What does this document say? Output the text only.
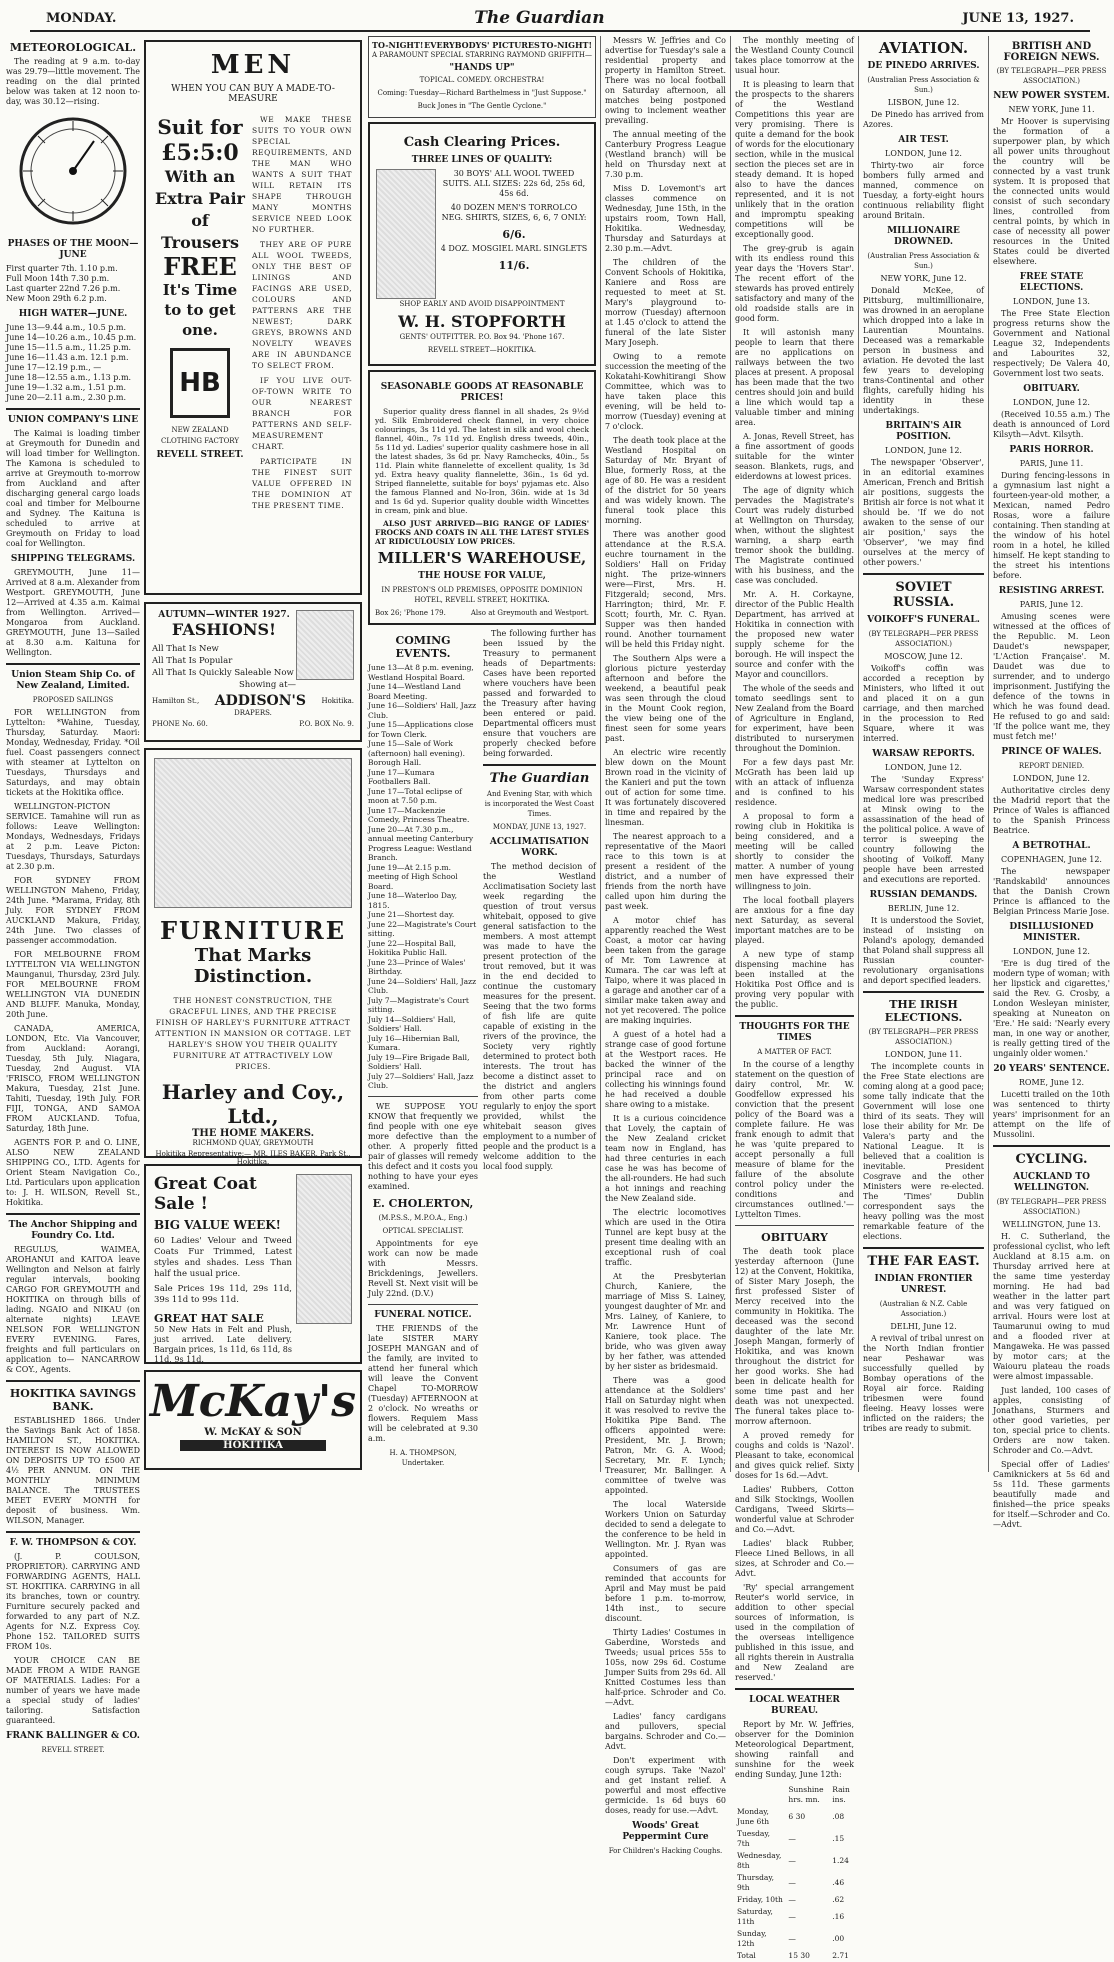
MONDAY.	The Guardian	JUNE 13, 1927.
METEOROLOGICAL.

The reading at 9 a.m. to-day was 29.79—little movement. The reading on the dial printed below was taken at 12 noon to-day, was 30.12—rising.

PHASES OF THE MOON—JUNE
First quarter 7th. 1.10 p.m.
Full Moon 14th 7.30 p.m.
Last quarter 22nd 7.26 p.m.
New Moon 29th 6.2 p.m.
HIGH WATER—JUNE.
June 13—9.44 a.m., 10.5 p.m.
June 14—10.26 a.m., 10.45 p.m.
June 15—11.5 a.m., 11.25 p.m.
June 16—11.43 a.m. 12.1 p.m.
June 17—12.19 p.m., —
June 18—12.55 a.m., 1.13 p.m.
June 19—1.32 a.m., 1.51 p.m.
June 20—2.11 a.m., 2.30 p.m.
UNION COMPANY'S LINE

The Kaimai is loading timber at Greymouth for Dunedin and will load timber for Wellington. The Kamona is scheduled to arrive at Greymouth to-morrow from Auckland and after discharging general cargo loads coal and timber for Melbourne and Sydney. The Kaituna is scheduled to arrive at Greymouth on Friday to load coal for Wellington.

SHIPPING TELEGRAMS.

GREYMOUTH, June 11—Arrived at 8 a.m. Alexander from Westport. GREYMOUTH, June 12—Arrived at 4.35 a.m. Kaimai from Wellington. Arrived—Mongaroa from Auckland. GREYMOUTH, June 13—Sailed at 8.30 a.m. Kaituna for Wellington.

Union Steam Ship Co. of New Zealand, Limited.
PROPOSED SAILINGS

FOR WELLINGTON from Lyttelton: *Wahine, Tuesday, Thursday, Saturday. Maori: Monday, Wednesday, Friday. *Oil fuel. Coast passengers connect with steamer at Lyttelton on Tuesdays, Thursdays and Saturdays, and may obtain tickets at the Hokitika office.

WELLINGTON-PICTON SERVICE. Tamahine will run as follows: Leave Wellington: Mondays, Wednesdays, Fridays at 2 p.m. Leave Picton: Tuesdays, Thursdays, Saturdays at 2.30 p.m.

FOR SYDNEY FROM WELLINGTON Maheno, Friday, 24th June. *Marama, Friday, 8th July. FOR SYDNEY FROM AUCKLAND Makura, Friday, 24th June. Two classes of passenger accommodation.

FOR MELBOURNE FROM LYTTELTON VIA WELLINGTON Maunganui, Thursday, 23rd July. FOR MELBOURNE FROM WELLINGTON VIA DUNEDIN AND BLUFF. Manuka, Monday, 20th June.

CANADA, AMERICA, LONDON, Etc. Via Vancouver, from Auckland: Aorangi, Tuesday, 5th July. Niagara, Tuesday, 2nd August. VIA 'FRISCO, FROM WELLINGTON Makura, Tuesday, 21st June. Tahiti, Tuesday, 19th July. FOR FIJI, TONGA, AND SAMOA FROM AUCKLAND. Tofua, Saturday, 18th June.

AGENTS FOR P. and O. LINE, ALSO NEW ZEALAND SHIPPING CO., LTD. Agents for Orient Steam Navigation Co., Ltd. Particulars upon application to: J. H. WILSON, Revell St., Hokitika.

The Anchor Shipping and Foundry Co. Ltd.

REGULUS, WAIMEA, AROHANUI and KAITOA leave Wellington and Nelson at fairly regular intervals, booking CARGO FOR GREYMOUTH and HOKITIKA on through bills of lading. NGAIO and NIKAU (on alternate nights) LEAVE NELSON FOR WELLINGTON EVERY EVENING. Fares, freights and full particulars on application to— NANCARROW & COY., Agents.

HOKITIKA SAVINGS BANK.

ESTABLISHED 1866. Under the Savings Bank Act of 1858. HAMILTON ST., HOKITIKA. INTEREST IS NOW ALLOWED ON DEPOSITS UP TO £500 AT 4½ PER ANNUM. ON THE MONTHLY MINIMUM BALANCE. The TRUSTEES MEET EVERY MONTH for deposit of business. Wm. WILSON, Manager.

F. W. THOMPSON & COY.

(J. P. COULSON, PROPRIETOR). CARRYING AND FORWARDING AGENTS, HALL ST. HOKITIKA. CARRYING in all its branches, town or country. Furniture securely packed and forwarded to any part of N.Z. Agents for N.Z. Express Coy. Phone 152. TAILORED SUITS FROM 10s.

YOUR CHOICE CAN BE MADE FROM A WIDE RANGE OF MATERIALS. Ladies: For a number of years we have made a special study of ladies' tailoring. Satisfaction guaranteed.

FRANK BALLINGER & CO.
REVELL STREET.
MEN
WHEN YOU CAN BUY A MADE-TO-MEASURE
Suit for
£5:5:0
With an Extra Pair of Trousers
FREE
It's Time to to get one.
HB
NEW ZEALAND
CLOTHING FACTORY
REVELL STREET.

WE MAKE THESE SUITS TO YOUR OWN SPECIAL REQUIREMENTS, AND THE MAN WHO WANTS A SUIT THAT WILL RETAIN ITS SHAPE THROUGH MANY MONTHS SERVICE NEED LOOK NO FURTHER.

THEY ARE OF PURE ALL WOOL TWEEDS, ONLY THE BEST OF LININGS AND FACINGS ARE USED, COLOURS AND PATTERNS ARE THE NEWEST; DARK GREYS, BROWNS AND NOVELTY WEAVES ARE IN ABUNDANCE TO SELECT FROM.

IF YOU LIVE OUT-OF-TOWN WRITE TO OUR NEAREST BRANCH FOR PATTERNS AND SELF-MEASUREMENT CHART.

PARTICIPATE IN THE FINEST SUIT VALUE OFFERED IN THE DOMINION AT THE PRESENT TIME.

AUTUMN—WINTER 1927.
FASHIONS!
All That Is New
All That Is Popular
All That Is Quickly Saleable Now
Showing at—
Hamilton St., ADDISON'S Hokitika.
DRAPERS.
PHONE No. 60.	P.O. BOX No. 9.
FURNITURE
That Marks Distinction.

THE HONEST CONSTRUCTION, THE GRACEFUL LINES, AND THE PRECISE FINISH OF HARLEY'S FURNITURE ATTRACT ATTENTION IN MANSION OR COTTAGE. LET HARLEY'S SHOW YOU THEIR QUALITY FURNITURE AT ATTRACTIVELY LOW PRICES.

Harley and Coy., Ltd.,
THE HOME MAKERS.
RICHMOND QUAY, GREYMOUTH
Hokitika Representative:— MR. ILES BAKER, Park St., Hokitika.
Great Coat Sale !
BIG VALUE WEEK!

60 Ladies' Velour and Tweed Coats Fur Trimmed, Latest styles and shades. Less Than half the usual price.

Sale Prices 19s 11d, 29s 11d, 39s 11d to 99s 11d.

GREAT HAT SALE

50 New Hats in Felt and Plush, just arrived. Late delivery. Bargain prices, 1s 11d, 6s 11d, 8s 11d, 9s 11d.

McKay's
W. McKAY & SON
HOKITIKA
TO-NIGHT! EVERYBODYS' PICTURES TO-NIGHT!
A PARAMOUNT SPECIAL STARRING RAYMOND GRIFFITH—
"HANDS UP"
TOPICAL. COMEDY. ORCHESTRA!
Coming: Tuesday—Richard Barthelmess in "Just Suppose."
Buck Jones in "The Gentle Cyclone."
Cash Clearing Prices.
THREE LINES OF QUALITY:

30 BOYS' ALL WOOL TWEED SUITS. ALL SIZES: 22s 6d, 25s 6d, 45s 6d.

40 DOZEN MEN'S TORROLCO NEG. SHIRTS, SIZES, 6, 6, 7 ONLY:

6/6.

4 DOZ. MOSGIEL MARL SINGLETS

11/6.
SHOP EARLY AND AVOID DISAPPOINTMENT
W. H. STOPFORTH
GENTS' OUTFITTER. P.O. Box 94. 'Phone 167.
REVELL STREET—HOKITIKA.
SEASONABLE GOODS AT REASONABLE PRICES!

Superior quality dress flannel in all shades, 2s 9½d yd. Silk Embroidered check flannel, in very choice colourings, 3s 11d yd. The latest in silk and wool check flannel, 40in., 7s 11d yd. English dress tweeds, 40in., 5s 11d yd. Ladies' superior quality cashmere hose in all the latest shades, 3s 6d pr. Navy Ramchecks, 40in., 5s 11d. Plain white flannelette of excellent quality, 1s 3d yd. Extra heavy quality flannelette, 36in., 1s 6d yd. Striped flannelette, suitable for boys' pyjamas etc. Also the famous Flanned and No-Iron, 36in. wide at 1s 3d and 1s 6d yd. Superior quality double width Wincettes in cream, pink and blue.

ALSO JUST ARRIVED—BIG RANGE OF LADIES' FROCKS AND COATS IN ALL THE LATEST STYLES AT RIDICULOUSLY LOW PRICES.

MILLER'S WAREHOUSE,
THE HOUSE FOR VALUE,
IN PRESTON'S OLD PREMISES, OPPOSITE DOMINION HOTEL, REVELL STREET, HOKITIKA.
Box 26; 'Phone 179.	Also at Greymouth and Westport.
COMING EVENTS.
June 13—At 8 p.m. evening, Westland Hospital Board.
June 14—Westland Land Board Meeting.
June 16—Soldiers' Hall, Jazz Club.
June 15—Applications close for Town Clerk.
June 15—Sale of Work (afternoon) hall evening). Borough Hall.
June 17—Kumara Footballers Ball.
June 17—Total eclipse of moon at 7.50 p.m.
June 17—Mackenzie Comedy, Princess Theatre.
June 20—At 7.30 p.m., annual meeting Canterbury Progress League: Westland Branch.
June 19—At 2.15 p.m. meeting of High School Board.
June 18—Waterloo Day, 1815.
June 21—Shortest day.
June 22—Magistrate's Court sitting.
June 22—Hospital Ball, Hokitika Public Hall.
June 23—Prince of Wales' Birthday.
June 24—Soldiers' Hall, Jazz Club.
July 7—Magistrate's Court sitting.
July 14—Soldiers' Hall, Soldiers' Hall.
July 16—Hibernian Ball, Kumara.
July 19—Fire Brigade Ball, Soldiers' Hall.
July 27—Soldiers' Hall, Jazz Club.

WE SUPPOSE YOU KNOW that frequently we find people with one eye more defective than the other. A properly fitted pair of glasses will remedy this defect and it costs you nothing to have your eyes examined.

E. CHOLERTON,
(M.P.S.S., M.P.O.A., Eng.)
OPTICAL SPECIALIST.

Appointments for eye work can now be made with Messrs. Brickdenings, Jewellers. Revell St. Next visit will be July 22nd. (D.V.)

FUNERAL NOTICE.

THE FRIENDS of the late SISTER MARY JOSEPH MANGAN and of the family, are invited to attend her funeral which will leave the Convent Chapel TO-MORROW (Tuesday) AFTERNOON at 2 o'clock. No wreaths or flowers. Requiem Mass will be celebrated at 9.30 a.m.

H. A. THOMPSON, Undertaker.

The following further has been issued by the Treasury to permanent heads of Departments: Cases have been reported where vouchers have been passed and forwarded to the Treasury after having been entered or paid. Departmental officers must ensure that vouchers are properly checked before being forwarded.

The Guardian
And Evening Star, with which is incorporated the West Coast Times.
MONDAY, JUNE 13, 1927.
ACCLIMATISATION WORK.

The method decision of the Westland Acclimatisation Society last week regarding the question of trout versus whitebait, opposed to give general satisfaction to the members. A most attempt was made to have the present protection of the trout removed, but it was in the end decided to continue the customary measures for the present. Seeing that the two forms of fish life are quite capable of existing in the rivers of the province, the Society very rightly determined to protect both interests. The trout has become a distinct asset to the district and anglers from other parts come regularly to enjoy the sport provided, whilst the whitebait season gives employment to a number of people and the product is a welcome addition to the local food supply.

Messrs W. Jeffries and Co advertise for Tuesday's sale a residential property and property in Hamilton Street. There was no local football on Saturday afternoon, all matches being postponed owing to inclement weather prevailing.

The annual meeting of the Canterbury Progress League (Westland branch) will be held on Thursday next at 7.30 p.m.

Miss D. Lovemont's art classes commence on Wednesday, June 15th, in the upstairs room, Town Hall, Hokitika. Wednesday, Thursday and Saturdays at 2.30 p.m.—Advt.

The children of the Convent Schools of Hokitika, Kaniere and Ross are requested to meet at St. Mary's playground to-morrow (Tuesday) afternoon at 1.45 o'clock to attend the funeral of the late Sister Mary Joseph.

Owing to a remote succession the meeting of the Kokatahi-Kowhitirangi Show Committee, which was to have taken place this evening, will be held to-morrow (Tuesday) evening at 7 o'clock.

The death took place at the Westland Hospital on Saturday of Mr. Bryant of Blue, formerly Ross, at the age of 80. He was a resident of the district for 50 years and was widely known. The funeral took place this morning.

There was another good attendance at the R.S.A. euchre tournament in the Soldiers' Hall on Friday night. The prize-winners were—First, Mrs. H. Fitzgerald; second, Mrs. Harrington; third, Mr. F. Scott; fourth, Mr. C. Ryan. Supper was then handed round. Another tournament will be held this Friday night.

The Southern Alps were a glorious picture yesterday afternoon and before the weekend, a beautiful peak was seen through the cloud in the Mount Cook region, the view being one of the finest seen for some years past.

An electric wire recently blew down on the Mount Brown road in the vicinity of the Kanieri and put the town out of action for some time. It was fortunately discovered in time and repaired by the linesman.

The nearest approach to a representative of the Maori race to this town is at present a resident of the district, and a number of friends from the north have called upon him during the past week.

A motor chief has apparently reached the West Coast, a motor car having been taken from the garage of Mr. Tom Lawrence at Kumara. The car was left at Taipo, where it was placed in a garage and another car of a similar make taken away and not yet recovered. The police are making inquiries.

A guest of a hotel had a strange case of good fortune at the Westport races. He backed the winner of the principal race and on collecting his winnings found he had received a double share owing to a mistake.

It is a curious coincidence that Lovely, the captain of the New Zealand cricket team now in England, has had three centuries in each case he was has become of the all-rounders. He had such a hot innings and reaching the New Zealand side.

The electric locomotives which are used in the Otira Tunnel are kept busy at the present time dealing with an exceptional rush of coal traffic.

At the Presbyterian Church, Kaniere, the marriage of Miss S. Lainey, youngest daughter of Mr. and Mrs. Lainey, of Kaniere, to Mr. Lawrence Hunt of Kaniere, took place. The bride, who was given away by her father, was attended by her sister as bridesmaid.

There was a good attendance at the Soldiers' Hall on Saturday night when it was resolved to revive the Hokitika Pipe Band. The officers appointed were: President, Mr. J. Brown; Patron, Mr. G. A. Wood; Secretary, Mr. F. Lynch; Treasurer, Mr. Ballinger. A committee of twelve was appointed.

The local Waterside Workers Union on Saturday decided to send a delegate to the conference to be held in Wellington. Mr. J. Ryan was appointed.

Consumers of gas are reminded that accounts for April and May must be paid before 1 p.m. to-morrow, 14th inst., to secure discount.

Thirty Ladies' Costumes in Gaberdine, Worsteds and Tweeds; usual prices 55s to 105s, now 29s 6d. Costume Jumper Suits from 29s 6d. All Knitted Costumes less than half-price. Schroder and Co.—Advt.

Ladies' fancy cardigans and pullovers, special bargains. Schroder and Co.—Advt.

Don't experiment with cough syrups. Take 'Nazol' and get instant relief. A powerful and most effective germicide. 1s 6d buys 60 doses, ready for use.—Advt.

Woods' Great Peppermint Cure
For Children's Hacking Coughs.

The monthly meeting of the Westland County Council takes place tomorrow at the usual hour.

It is pleasing to learn that the prospects to the sharers of the Westland Competitions this year are very promising. There is quite a demand for the book of words for the elocutionary section, while in the musical section the pieces set are in steady demand. It is hoped also to have the dances represented, and it is not unlikely that in the oration and impromptu speaking competitions will be exceptionally good.

The grey-grub is again with its endless round this year days the 'Hovers Star'. The recent effort of the stewards has proved entirely satisfactory and many of the old roadside stalls are in good form.

It will astonish many people to learn that there are no applications on railways between the two places at present. A proposal has been made that the two centres should join and build a line which would tap a valuable timber and mining area.

A. Jonas, Revell Street, has a fine assortment of goods suitable for the winter season. Blankets, rugs, and eiderdowns at lowest prices.

The age of dignity which pervades the Magistrate's Court was rudely disturbed at Wellington on Thursday, when, without the slightest warning, a sharp earth tremor shook the building. The Magistrate continued with his business, and the case was concluded.

Mr. A. H. Corkayne, director of the Public Health Department, has arrived at Hokitika in connection with the proposed new water supply scheme for the borough. He will inspect the source and confer with the Mayor and councillors.

The whole of the seeds and tomato seedlings sent to New Zealand from the Board of Agriculture in England, for experiment, have been distributed to nurserymen throughout the Dominion.

For a few days past Mr. McGrath has been laid up with an attack of influenza and is confined to his residence.

A proposal to form a rowing club in Hokitika is being considered, and a meeting will be called shortly to consider the matter. A number of young men have expressed their willingness to join.

The local football players are anxious for a fine day next Saturday, as several important matches are to be played.

A new type of stamp dispensing machine has been installed at the Hokitika Post Office and is proving very popular with the public.

THOUGHTS FOR THE TIMES
A MATTER OF FACT.

In the course of a lengthy statement on the question of dairy control, Mr. W. Goodfellow expressed his conviction that the present policy of the Board was a complete failure. He was frank enough to admit that he was 'quite prepared to accept personally a full measure of blame for the failure of the absolute control policy under the conditions and circumstances outlined.'—Lyttelton Times.

OBITUARY

The death took place yesterday afternoon (June 12) at the Convent, Hokitika, of Sister Mary Joseph, the first professed Sister of Mercy received into the community in Hokitika. The deceased was the second daughter of the late Mr. Joseph Mangan, formerly of Hokitika, and was known throughout the district for her good works. She had been in delicate health for some time past and her death was not unexpected. The funeral takes place to-morrow afternoon.

A proved remedy for coughs and colds is 'Nazol'. Pleasant to take, economical and gives quick relief. Sixty doses for 1s 6d.—Advt.

Ladies' Rubbers, Cotton and Silk Stockings, Woollen Cardigans, Tweed Skirts—wonderful value at Schroder and Co.—Advt.

Ladies' black Rubber, Fleece Lined Bellows, in all sizes, at Schroder and Co.—Advt.

'Ry' special arrangement Reuter's world service, in addition to other special sources of information, is used in the compilation of the overseas intelligence published in this issue, and all rights therein in Australia and New Zealand are reserved.'

LOCAL WEATHER BUREAU.

Report by Mr. W. Jeffries, observer for the Dominion Meteorological Department, showing rainfall and sunshine for the week ending Sunday, June 12th:

	Sunshine hrs. mn.	Rain ins.
Monday, June 6th	6 30	.08
Tuesday, 7th	—	.15
Wednesday, 8th	—	1.24
Thursday, 9th	—	.46
Friday, 10th	—	.62
Saturday, 11th	—	.16
Sunday, 12th	—	.00
Total	15 30	2.71
AVIATION.
DE PINEDO ARRIVES.
(Australian Press Association & Sun.)
LISBON, June 12.

De Pinedo has arrived from Azores.

AIR TEST.
LONDON, June 12.

Thirty-two air force bombers fully armed and manned, commence on Tuesday, a forty-eight hours continuous reliability flight around Britain.

MILLIONAIRE DROWNED.
(Australian Press Association & Sun.)
NEW YORK, June 12.

Donald McKee, of Pittsburg, multimillionaire, was drowned in an aeroplane which dropped into a lake in Laurentian Mountains. Deceased was a remarkable person in business and aviation. He devoted the last few years to developing trans-Continental and other flights, carefully hiding his identity in these undertakings.

BRITAIN'S AIR POSITION.
LONDON, June 12.

The newspaper 'Observer', in an editorial examines American, French and British air positions, suggests the British air force is not what it should be. 'If we do not awaken to the sense of our air position,' says the 'Observer', 'we may find ourselves at the mercy of other powers.'

SOVIET RUSSIA.
VOIKOFF'S FUNERAL.
(BY TELEGRAPH—PER PRESS ASSOCIATION.)
MOSCOW, June 12.

Voikoff's coffin was accorded a reception by Ministers, who lifted it out and placed it on a gun carriage, and then marched in the procession to Red Square, where it was interred.

WARSAW REPORTS.
LONDON, June 12.

The 'Sunday Express' Warsaw correspondent states medical lore was prescribed at Minsk owing to the assassination of the head of the political police. A wave of terror is sweeping the country following the shooting of Voikoff. Many people have been arrested and executions are reported.

RUSSIAN DEMANDS.
BERLIN, June 12.

It is understood the Soviet, instead of insisting on Poland's apology, demanded that Poland shall suppress all Russian counter-revolutionary organisations and deport specified leaders.

THE IRISH ELECTIONS.
(BY TELEGRAPH—PER PRESS ASSOCIATION.)
LONDON, June 11.

The incomplete counts in the Free State elections are coming along at a good pace; some tally indicate that the Government will lose one third of its seats. They will lose their ability for Mr. De Valera's party and the National League. It is believed that a coalition is inevitable. President Cosgrave and the other Ministers were re-elected. The 'Times' Dublin correspondent says the heavy polling was the most remarkable feature of the elections.

THE FAR EAST.
INDIAN FRONTIER UNREST.
(Australian & N.Z. Cable Association.)
DELHI, June 12.

A revival of tribal unrest on the North Indian frontier near Peshawar was successfully quelled by Bombay operations of the Royal air force. Raiding tribesmen were found fleeing. Heavy losses were inflicted on the raiders; the tribes are ready to submit.

BRITISH AND FOREIGN NEWS.
(BY TELEGRAPH—PER PRESS ASSOCIATION.)
NEW POWER SYSTEM.
NEW YORK, June 11.

Mr Hoover is supervising the formation of a superpower plan, by which all power units throughout the country will be connected by a vast trunk system. It is proposed that the connected units would consist of such secondary lines, controlled from central points, by which in case of necessity all power resources in the United States could be diverted elsewhere.

FREE STATE ELECTIONS.
LONDON, June 13.

The Free State Election progress returns show the Government and National League 32, Independents and Labourites 32, respectively; De Valera 40, Government lost two seats.

OBITUARY.
LONDON, June 12.

(Received 10.55 a.m.) The death is announced of Lord Kilsyth—Advt. Kilsyth.

PARIS HORROR.
PARIS, June 11.

During fencing-lessons in a gymnasium last night a fourteen-year-old mother, a Mexican, named Pedro Rosas, wore a failure containing. Then standing at the window of his hotel room in a hotel, he killed himself. He kept standing to the street his intentions before.

RESISTING ARREST.
PARIS, June 12.

Amusing scenes were witnessed at the offices of the Republic. M. Leon Daudet's newspaper, 'L'Action Française'. M. Daudet was due to surrender, and to undergo imprisonment. Justifying the defence of the towns in which he was found dead. He refused to go and said: 'If the police want me, they must fetch me!'

PRINCE OF WALES.
REPORT DENIED.
LONDON, June 12.

Authoritative circles deny the Madrid report that the Prince of Wales is affianced to the Spanish Princess Beatrice.

A BETROTHAL.
COPENHAGEN, June 12.

The newspaper 'Randskabild' announces that the Danish Crown Prince is affianced to the Belgian Princess Marie Jose.

DISILLUSIONED MINISTER.
LONDON, June 12.

'Ere is dug tired of the modern type of woman; with her lipstick and cigarettes,' said the Rev. G. Crosby, a London Wesleyan minister, speaking at Nuneaton on 'Ere.' He said: 'Nearly every man, in one way or another, is really getting tired of the ungainly older women.'

20 YEARS' SENTENCE.
ROME, June 12.

Lucetti trailed on the 10th was sentenced to thirty years' imprisonment for an attempt on the life of Mussolini.

CYCLING.
AUCKLAND TO WELLINGTON.
(BY TELEGRAPH—PER PRESS ASSOCIATION.)
WELLINGTON, June 13.

H. C. Sutherland, the professional cyclist, who left Auckland at 8.15 a.m. on Thursday arrived here at the same time yesterday morning. He had bad weather in the latter part and was very fatigued on arrival. Hours were lost at Taumarunui owing to mud and a flooded river at Mangaweka. He was passed by motor cars; at the Waiouru plateau the roads were almost impassable.

Just landed, 100 cases of apples, consisting of Jonathans, Sturmers and other good varieties, per ton, special price to clients. Orders are now taken. Schroder and Co.—Advt.

Special offer of Ladies' Camiknickers at 5s 6d and 5s 11d. These garments beautifully made and finished—the price speaks for itself.—Schroder and Co.—Advt.
